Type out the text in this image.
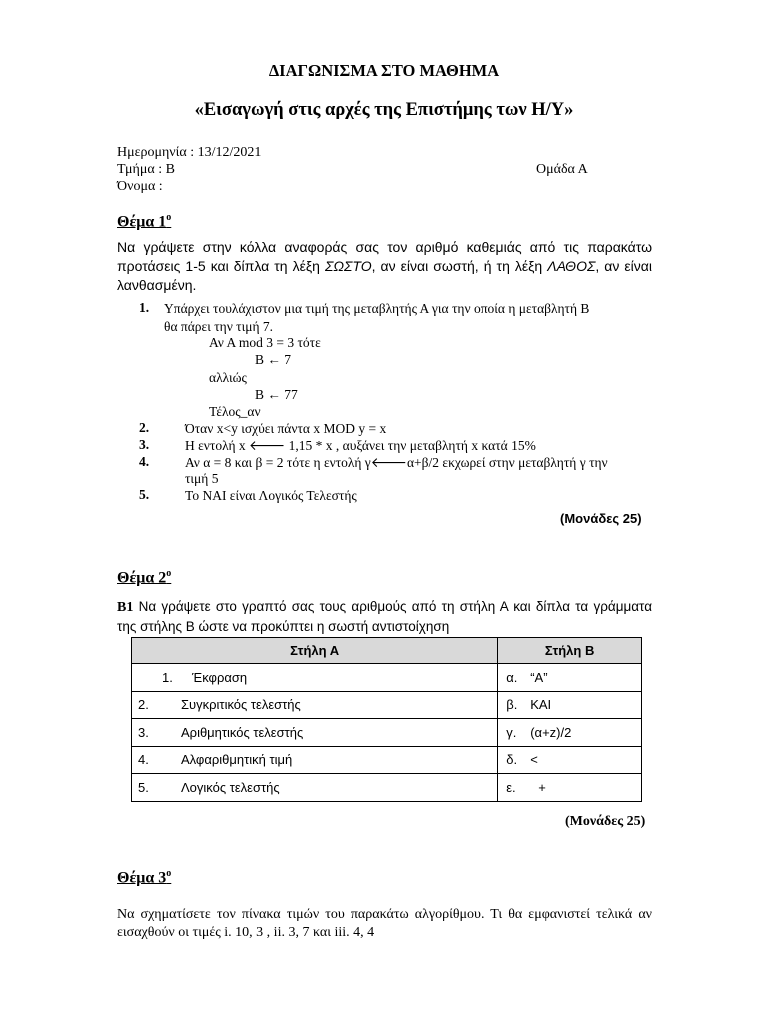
ΔΙΑΓΩΝΙΣΜΑ ΣΤΟ ΜΑΘΗΜΑ
«Εισαγωγή στις αρχές της Επιστήμης των Η/Υ»
Ημερομηνία : 13/12/2021
Τμήμα : Β	Ομάδα Α
Όνομα :
Θέμα $1^o$
Να γράψετε στην κόλλα αναφοράς σας τον αριθμό καθεμιάς από τις παρακάτω προτάσεις 1-5 και δίπλα τη λέξη ΣΩΣΤΟ, αν είναι σωστή, ή τη λέξη ΛΑΘΟΣ, αν είναι λανθασμένη.
1. Υπάρχει τουλάχιστον μια τιμή της μεταβλητής Α για την οποία η μεταβλητή Β
θα πάρει την τιμή 7.
Αν Α mod 3 = 3 τότε
Β ← 7
αλλιώς
Β ← 77
Τέλος_αν
2.	Όταν x<y ισχύει πάντα x MOD y = x
3.	Η εντολή x 🡐 1,15 * x , αυξάνει την μεταβλητή x κατά 15%
4.	Αν α = 8 και β = 2 τότε η εντολή γ🡐α+β/2 εκχωρεί στην μεταβλητή γ την
τιμή 5
5.	Το ΝΑΙ είναι Λογικός Τελεστής
(Μονάδες 25)
Θέμα $2^o$
Β1 Να γράψετε στο γραπτό σας τους αριθμούς από τη στήλη Α και δίπλα τα γράμματα της στήλης Β ώστε να προκύπτει η σωστή αντιστοίχηση
Στήλη Α	Στήλη Β

1. Έκφραση	α. “Α”

2. Συγκριτικός τελεστής	β. ΚΑΙ

3. Αριθμητικός τελεστής	γ. (α+z)/2

4. Αλφαριθμητική τιμή	δ. <

5. Λογικός τελεστής	ε. +
(Μονάδες 25)
Θέμα $3^o$
Να σχηματίσετε τον πίνακα τιμών του παρακάτω αλγορίθμου. Τι θα εμφανιστεί τελικά αν εισαχθούν οι τιμές i. 10, 3 , ii. 3, 7 και iii. 4, 4
